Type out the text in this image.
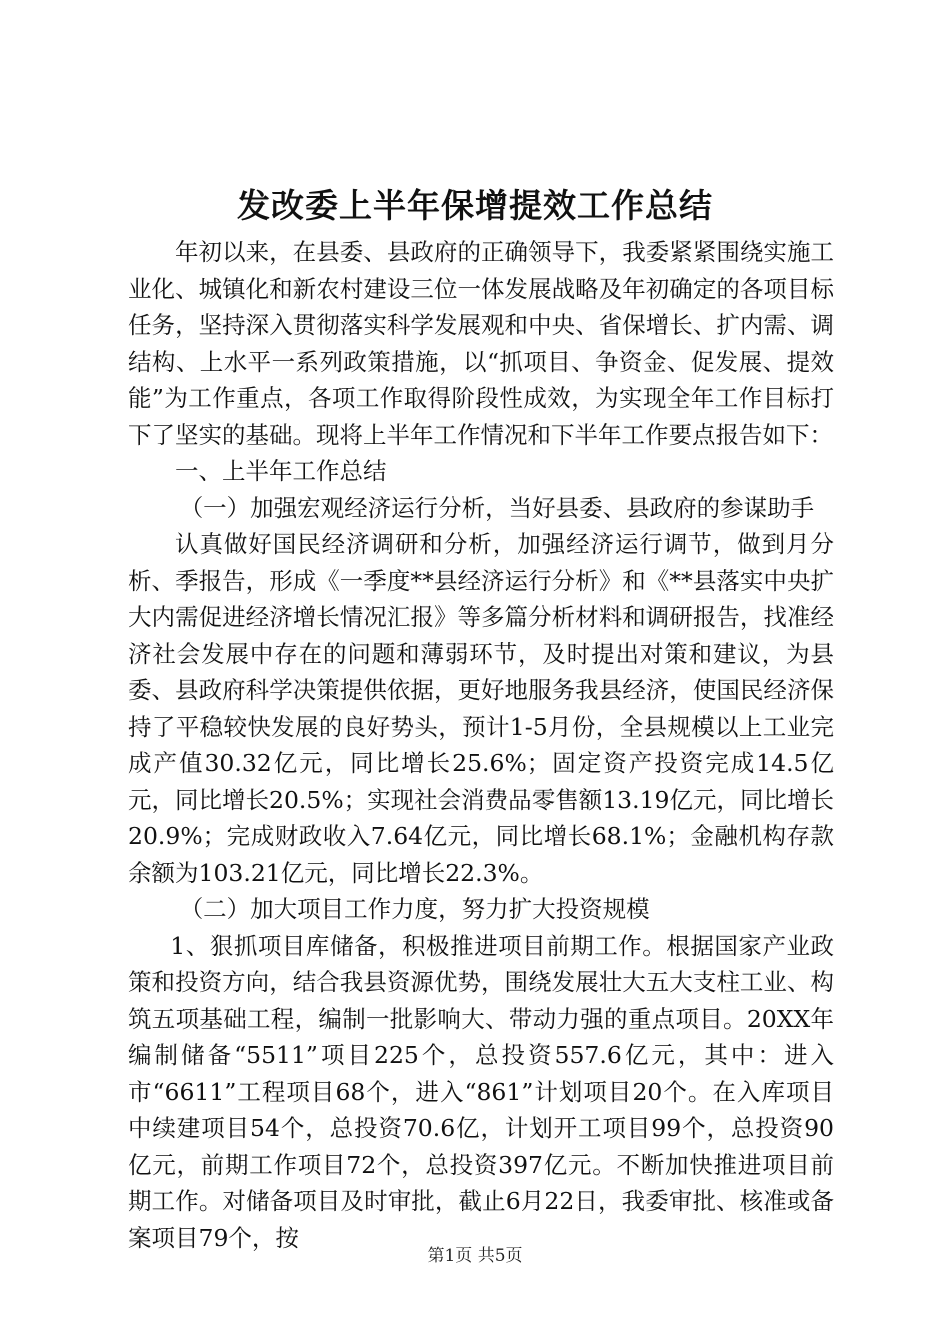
发改委上半年保增提效工作总结

年初以来，在县委、县政府的正确领导下，我委紧紧围绕实施工业化、城镇化和新农村建设三位一体发展战略及年初确定的各项目标任务，坚持深入贯彻落实科学发展观和中央、省保增长、扩内需、调结构、上水平一系列政策措施，以“抓项目、争资金、促发展、提效能”为工作重点，各项工作取得阶段性成效，为实现全年工作目标打下了坚实的基础。现将上半年工作情况和下半年工作要点报告如下：

一、上半年工作总结

（一）加强宏观经济运行分析，当好县委、县政府的参谋助手

认真做好国民经济调研和分析，加强经济运行调节，做到月分析、季报告，形成《一季度**县经济运行分析》和《**县落实中央扩大内需促进经济增长情况汇报》等多篇分析材料和调研报告，找准经济社会发展中存在的问题和薄弱环节，及时提出对策和建议，为县委、县政府科学决策提供依据，更好地服务我县经济，使国民经济保持了平稳较快发展的良好势头，预计1-5月份，全县规模以上工业完成产值30.32亿元，同比增长25.6%；固定资产投资完成14.5亿元，同比增长20.5%；实现社会消费品零售额13.19亿元，同比增长20.9%；完成财政收入7.64亿元，同比增长68.1%；金融机构存款余额为103.21亿元，同比增长22.3%。

（二）加大项目工作力度，努力扩大投资规模

1、狠抓项目库储备，积极推进项目前期工作。根据国家产业政策和投资方向，结合我县资源优势，围绕发展壮大五大支柱工业、构筑五项基础工程，编制一批影响大、带动力强的重点项目。20XX年编制储备“5511”项目225个，总投资557.6亿元，其中：进入市“6611”工程项目68个，进入“861”计划项目20个。在入库项目中续建项目54个，总投资70.6亿，计划开工项目99个，总投资90亿元，前期工作项目72个，总投资397亿元。不断加快推进项目前期工作。对储备项目及时审批，截止6月22日，我委审批、核准或备案项目79个，按

第1页 共5页
